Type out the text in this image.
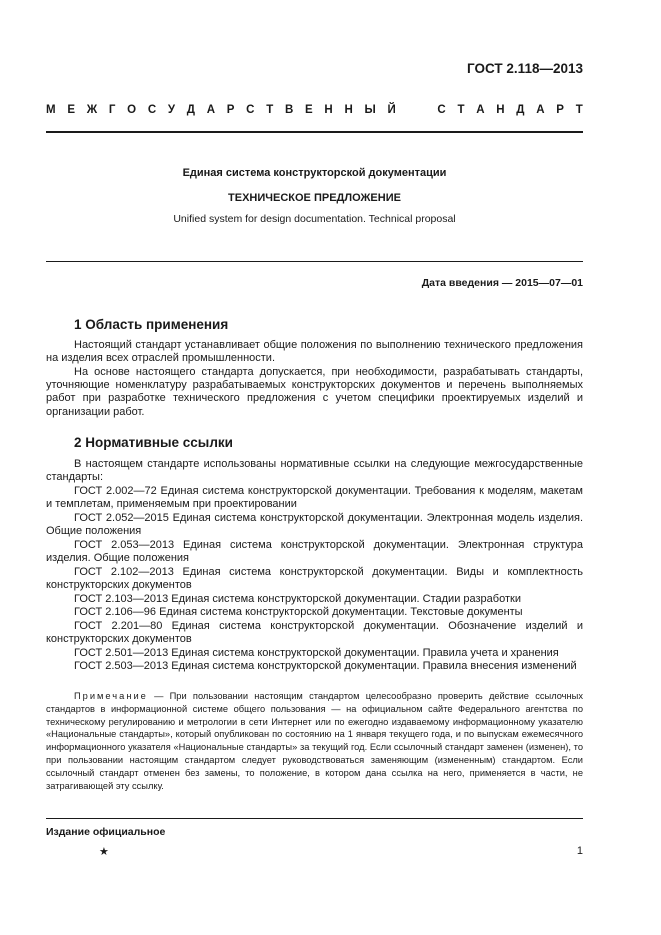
ГОСТ 2.118—2013
М Е Ж Г О С У Д А Р С Т В Е Н Н Ы Й

	С Т А Н Д А Р Т
Единая система конструкторской документации
ТЕХНИЧЕСКОЕ ПРЕДЛОЖЕНИЕ
Unified system for design documentation. Technical proposal
Дата введения — 2015—07—01
1 Область применения

Настоящий стандарт устанавливает общие положения по выполнению технического предложения на изделия всех отраслей промышленности.

На основе настоящего стандарта допускается, при необходимости, разрабатывать стандарты, уточняющие номенклатуру разрабатываемых конструкторских документов и перечень выполняемых работ при разработке технического предложения с учетом специфики проектируемых изделий и организации работ.

2 Нормативные ссылки

В настоящем стандарте использованы нормативные ссылки на следующие межгосударственные стандарты:

ГОСТ 2.002—72 Единая система конструкторской документации. Требования к моделям, макетам и темплетам, применяемым при проектировании

ГОСТ 2.052—2015 Единая система конструкторской документации. Электронная модель изделия. Общие положения

ГОСТ 2.053—2013 Единая система конструкторской документации. Электронная структура изделия. Общие положения

ГОСТ 2.102—2013 Единая система конструкторской документации. Виды и комплектность конструкторских документов

ГОСТ 2.103—2013 Единая система конструкторской документации. Стадии разработки

ГОСТ 2.106—96 Единая система конструкторской документации. Текстовые документы

ГОСТ 2.201—80 Единая система конструкторской документации. Обозначение изделий и конструкторских документов

ГОСТ 2.501—2013 Единая система конструкторской документации. Правила учета и хранения

ГОСТ 2.503—2013 Единая система конструкторской документации. Правила внесения изменений

Примечание — При пользовании настоящим стандартом целесообразно проверить действие ссылочных стандартов в информационной системе общего пользования — на официальном сайте Федерального агентства по техническому регулированию и метрологии в сети Интернет или по ежегодно издаваемому информационному указателю «Национальные стандарты», который опубликован по состоянию на 1 января текущего года, и по выпускам ежемесячного информационного указателя «Национальные стандарты» за текущий год. Если ссылочный стандарт заменен (изменен), то при пользовании настоящим стандартом следует руководствоваться заменяющим (измененным) стандартом. Если ссылочный стандарт отменен без замены, то положение, в котором дана ссылка на него, применяется в части, не затрагивающей эту ссылку.

Издание официальное
★	1
